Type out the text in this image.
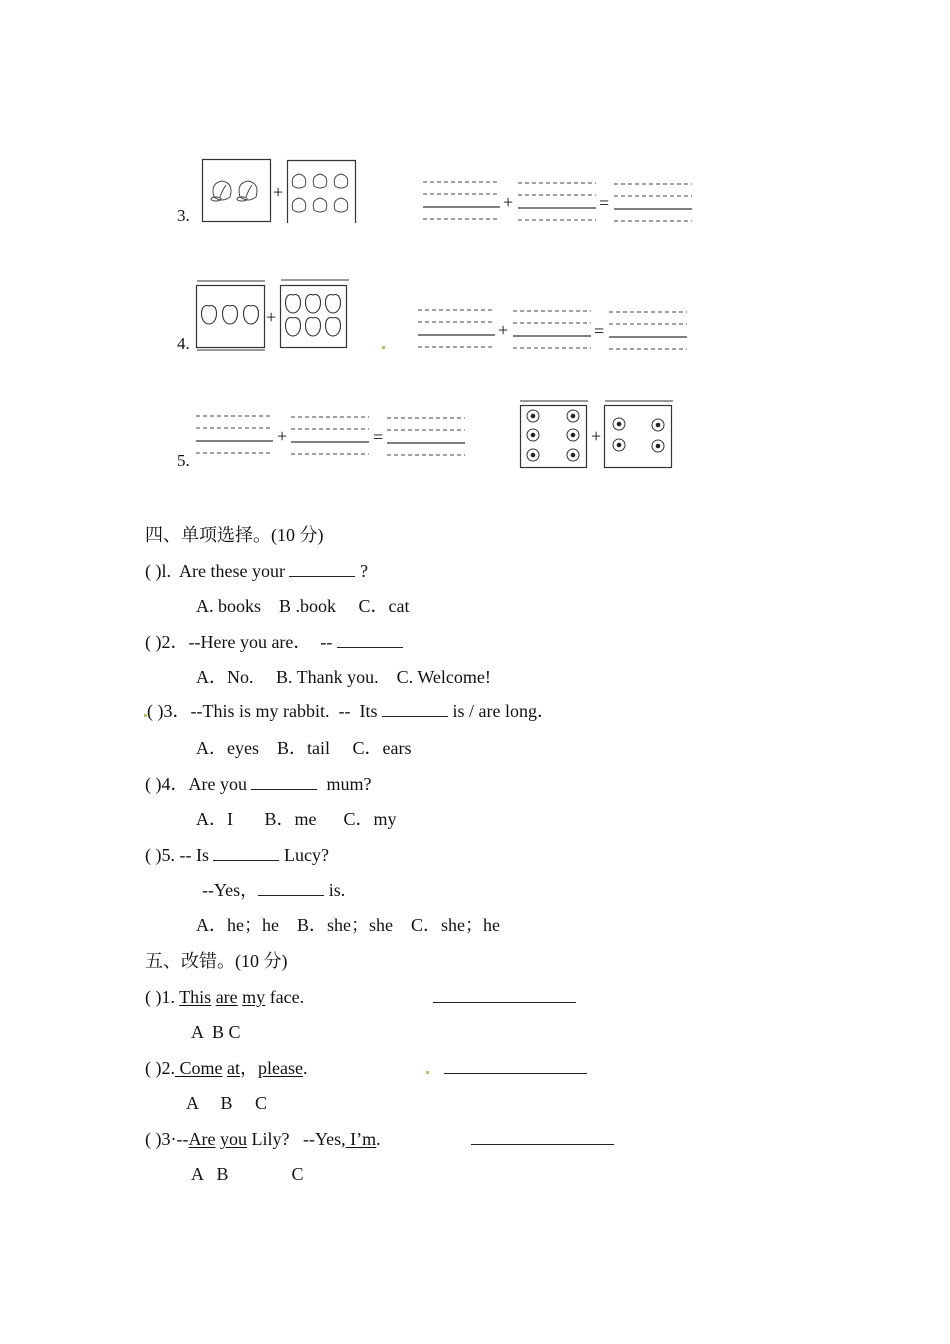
3.
+	+	=
4.
+
+	=
5.
+	=	+
四、单项选择。(10 分)
( )l.  Are these your	?
A. books    B .book     C．cat
( )2．--Here you are．  --
A．No.     B. Thank you.    C. Welcome!
( )3．--This is my rabbit.  --  Its	is / are long．
A．eyes    B．tail     C．ears
( )4．Are you	mum?
A．I       B．me      C．my
( )5. -- Is	Lucy?
--Yes，	is.
A．he；he    B．she；she    C．she；he
五、改错。(10 分)
( )1. This are my face.
A  B C
( )2. Come at，please.
A     B     C
( )3·--Are you Lily?   --Yes, I’m.
A   B              C
